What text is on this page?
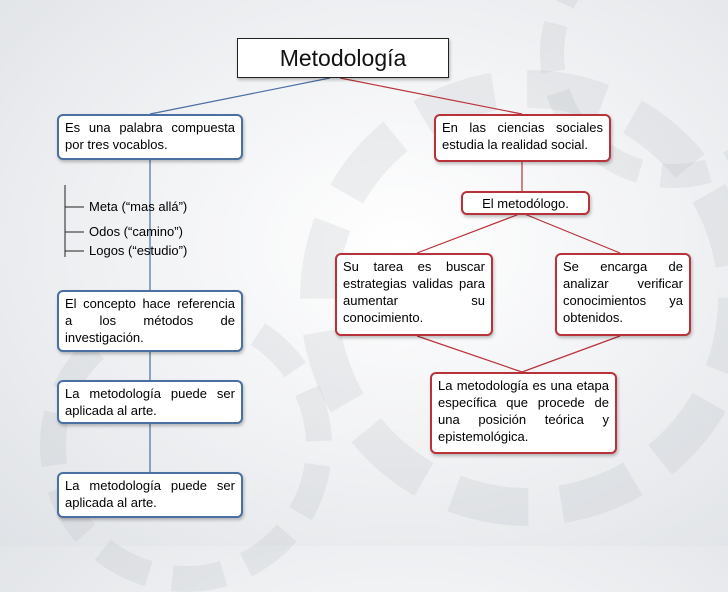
Metodología
Es una palabra compuesta por tres vocablos.
Meta (“mas allá”)
Odos (“camino”)
Logos (“estudio”)
El concepto hace referencia a los métodos de investigación.
La metodología puede ser aplicada al arte.
La metodología puede ser aplicada al arte.
En las ciencias sociales estudia la realidad social.
El metodólogo.
Su tarea es buscar estrategias validas para aumentar su conocimiento.
Se encarga de analizar verificar conocimientos ya obtenidos.
La metodología es una etapa específica que procede de una posición teórica y epistemológica.
